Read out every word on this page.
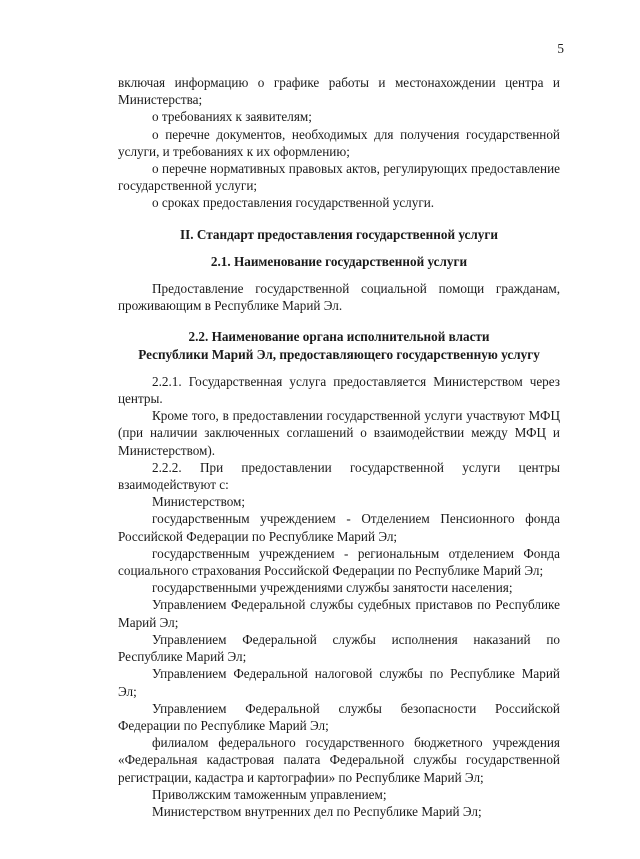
5

включая информацию о графике работы и местонахождении центра и Министерства;

о требованиях к заявителям;

о перечне документов, необходимых для получения государственной услуги, и требованиях к их оформлению;

о перечне нормативных правовых актов, регулирующих предоставление государственной услуги;

о сроках предоставления государственной услуги.

II. Стандарт предоставления государственной услуги

2.1. Наименование государственной услуги

Предоставление государственной социальной помощи гражданам, проживающим в Республике Марий Эл.

2.2. Наименование органа исполнительной власти

Республики Марий Эл, предоставляющего государственную услугу

2.2.1. Государственная услуга предоставляется Министерством через центры.

Кроме того, в предоставлении государственной услуги участвуют МФЦ (при наличии заключенных соглашений о взаимодействии между МФЦ и Министерством).

2.2.2. При предоставлении государственной услуги центры взаимодействуют с:

Министерством;

государственным учреждением - Отделением Пенсионного фонда Российской Федерации по Республике Марий Эл;

государственным учреждением - региональным отделением Фонда социального страхования Российской Федерации по Республике Марий Эл;

государственными учреждениями службы занятости населения;

Управлением Федеральной службы судебных приставов по Республике Марий Эл;

Управлением Федеральной службы исполнения наказаний по Республике Марий Эл;

Управлением Федеральной налоговой службы по Республике Марий Эл;

Управлением Федеральной службы безопасности Российской Федерации по Республике Марий Эл;

филиалом федерального государственного бюджетного учреждения «Федеральная кадастровая палата Федеральной службы государственной регистрации, кадастра и картографии» по Республике Марий Эл;

Приволжским таможенным управлением;

Министерством внутренних дел по Республике Марий Эл;
